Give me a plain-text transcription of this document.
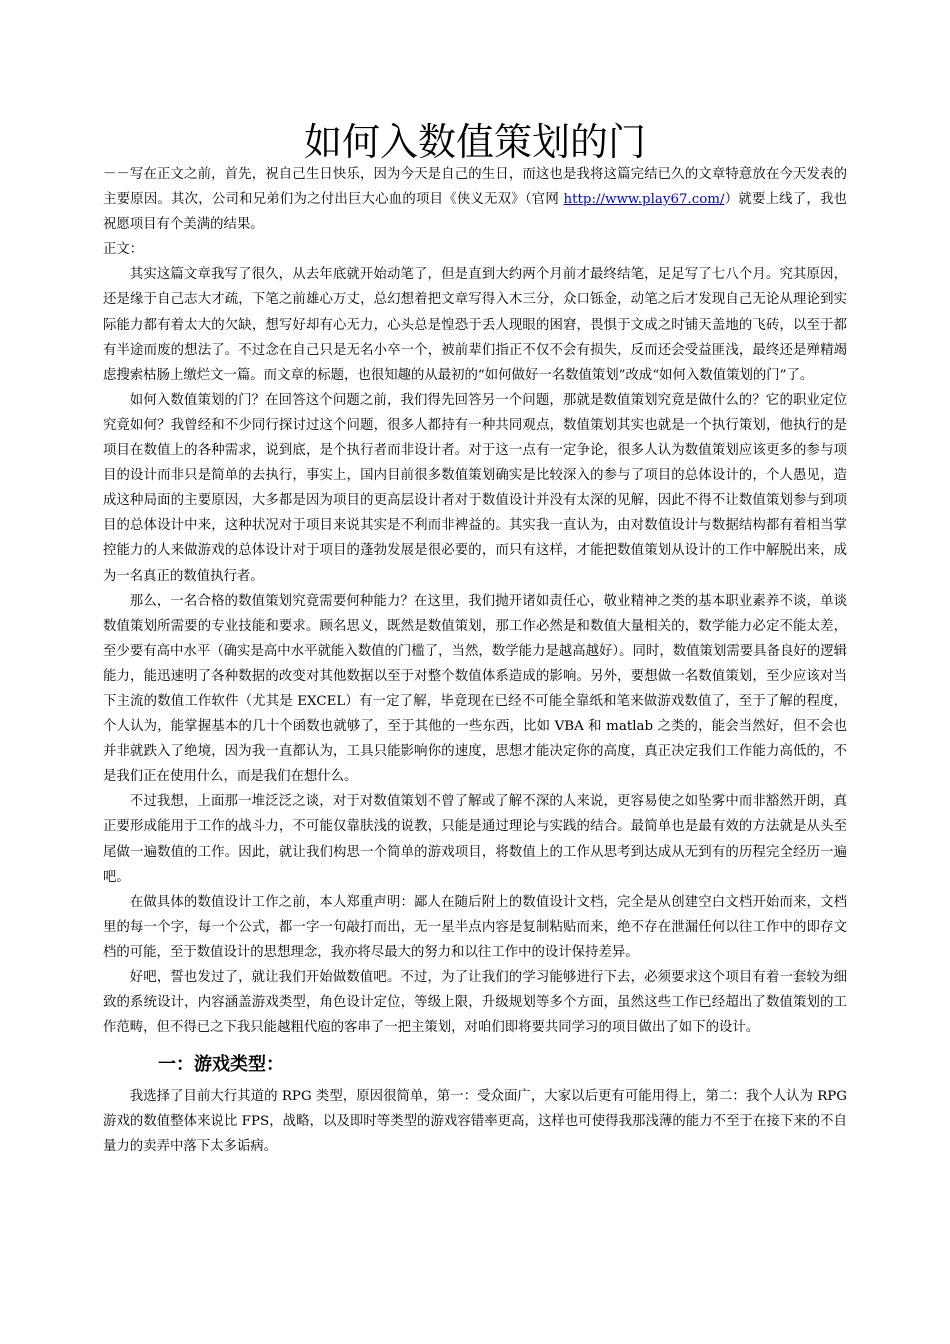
如何入数值策划的门

－－写在正文之前，首先，祝自己生日快乐，因为今天是自己的生日，而这也是我将这篇完结已久的文章特意放在今天发表的主要原因。其次，公司和兄弟们为之付出巨大心血的项目《侠义无双》（官网 http://www.play67.com/）就要上线了，我也祝愿项目有个美满的结果。

正文：

其实这篇文章我写了很久，从去年底就开始动笔了，但是直到大约两个月前才最终结笔，足足写了七八个月。究其原因，还是缘于自己志大才疏，下笔之前雄心万丈，总幻想着把文章写得入木三分，众口铄金，动笔之后才发现自己无论从理论到实际能力都有着太大的欠缺，想写好却有心无力，心头总是惶恐于丢人现眼的困窘，畏惧于文成之时铺天盖地的飞砖，以至于都有半途而废的想法了。不过念在自己只是无名小卒一个，被前辈们指正不仅不会有损失，反而还会受益匪浅，最终还是殚精竭虑搜索枯肠上缴烂文一篇。而文章的标题，也很知趣的从最初的“如何做好一名数值策划”改成“如何入数值策划的门”了。

如何入数值策划的门？在回答这个问题之前，我们得先回答另一个问题，那就是数值策划究竟是做什么的？它的职业定位究竟如何？我曾经和不少同行探讨过这个问题，很多人都持有一种共同观点，数值策划其实也就是一个执行策划，他执行的是项目在数值上的各种需求，说到底，是个执行者而非设计者。对于这一点有一定争论，很多人认为数值策划应该更多的参与项目的设计而非只是简单的去执行，事实上，国内目前很多数值策划确实是比较深入的参与了项目的总体设计的，个人愚见，造成这种局面的主要原因，大多都是因为项目的更高层设计者对于数值设计并没有太深的见解，因此不得不让数值策划参与到项目的总体设计中来，这种状况对于项目来说其实是不利而非裨益的。其实我一直认为，由对数值设计与数据结构都有着相当掌控能力的人来做游戏的总体设计对于项目的蓬勃发展是很必要的，而只有这样，才能把数值策划从设计的工作中解脱出来，成为一名真正的数值执行者。

那么，一名合格的数值策划究竟需要何种能力？在这里，我们抛开诸如责任心，敬业精神之类的基本职业素养不谈，单谈数值策划所需要的专业技能和要求。顾名思义，既然是数值策划，那工作必然是和数值大量相关的，数学能力必定不能太差，至少要有高中水平（确实是高中水平就能入数值的门槛了，当然，数学能力是越高越好）。同时，数值策划需要具备良好的逻辑能力，能迅速明了各种数据的改变对其他数据以至于对整个数值体系造成的影响。另外，要想做一名数值策划，至少应该对当下主流的数值工作软件（尤其是 EXCEL）有一定了解，毕竟现在已经不可能全靠纸和笔来做游戏数值了，至于了解的程度，个人认为，能掌握基本的几十个函数也就够了，至于其他的一些东西，比如 VBA 和 matlab 之类的，能会当然好，但不会也并非就跌入了绝境，因为我一直都认为，工具只能影响你的速度，思想才能决定你的高度，真正决定我们工作能力高低的，不是我们正在使用什么，而是我们在想什么。

不过我想，上面那一堆泛泛之谈，对于对数值策划不曾了解或了解不深的人来说，更容易使之如坠雾中而非豁然开朗，真正要形成能用于工作的战斗力，不可能仅靠肤浅的说教，只能是通过理论与实践的结合。最简单也是最有效的方法就是从头至尾做一遍数值的工作。因此，就让我们构思一个简单的游戏项目，将数值上的工作从思考到达成从无到有的历程完全经历一遍吧。

在做具体的数值设计工作之前，本人郑重声明：鄙人在随后附上的数值设计文档，完全是从创建空白文档开始而来，文档里的每一个字，每一个公式，都一字一句敲打而出，无一星半点内容是复制粘贴而来，绝不存在泄漏任何以往工作中的即存文档的可能，至于数值设计的思想理念，我亦将尽最大的努力和以往工作中的设计保持差异。

好吧，誓也发过了，就让我们开始做数值吧。不过，为了让我们的学习能够进行下去，必须要求这个项目有着一套较为细致的系统设计，内容涵盖游戏类型，角色设计定位，等级上限，升级规划等多个方面，虽然这些工作已经超出了数值策划的工作范畴，但不得已之下我只能越粗代庖的客串了一把主策划，对咱们即将要共同学习的项目做出了如下的设计。

一：游戏类型：

我选择了目前大行其道的 RPG 类型，原因很简单，第一：受众面广，大家以后更有可能用得上，第二：我个人认为 RPG 游戏的数值整体来说比 FPS，战略，以及即时等类型的游戏容错率更高，这样也可使得我那浅薄的能力不至于在接下来的不自量力的卖弄中落下太多诟病。
